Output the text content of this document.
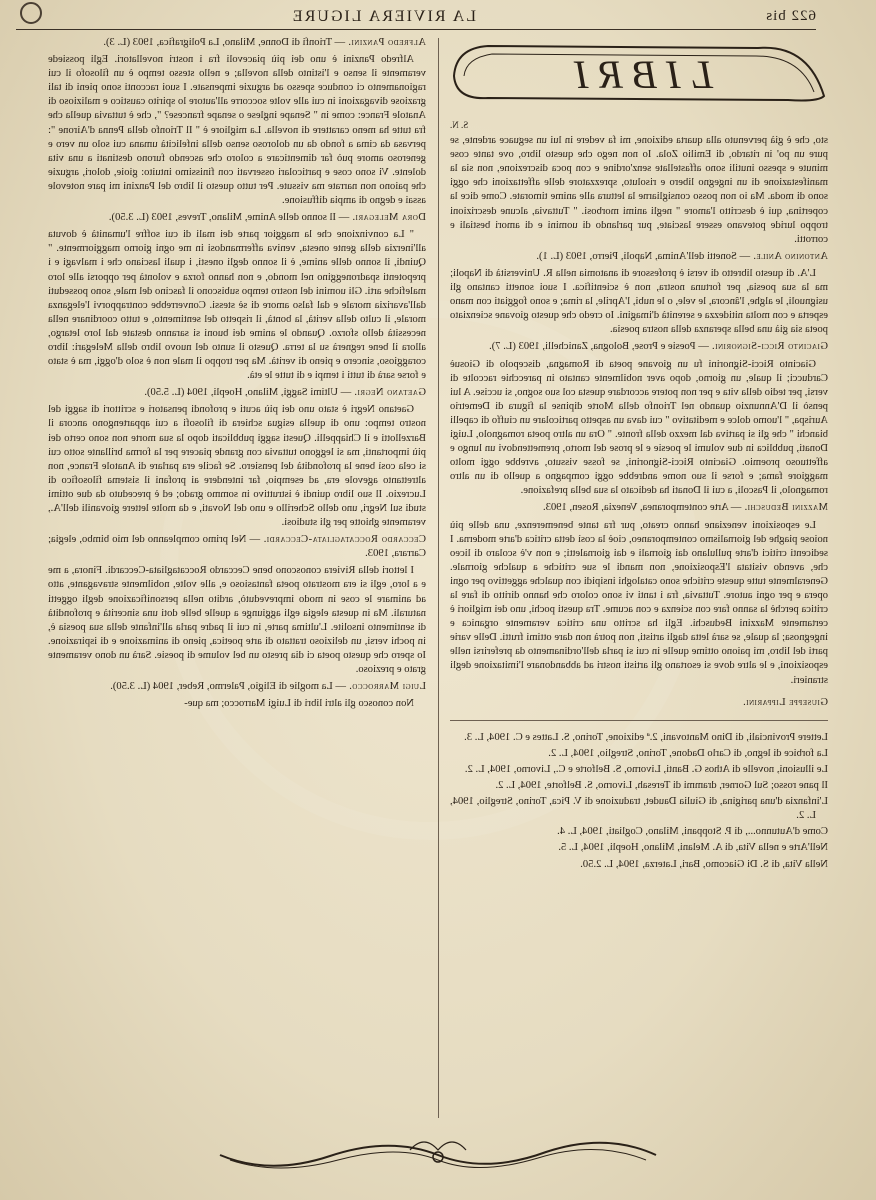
622 bis
LA RIVIERA LIGURE
LIBRI
S. N.

sto, che è già pervenuto alla quarta edizione, mi fa vedere in lui un seguace ardente, se pure un po' in ritardo, di Emilio Zola. Io non nego che questo libro, ove tante cose minute e spesso inutili sono affastellate senz'ordine e con poca discrezione, non sia la manifestazione di un ingegno libero e risoluto, sprezzatore delle affettazioni che oggi sono di moda. Ma io non posso consigliarne la lettura alle anime timorate. Come dice la copertina, qui è descritto l'amore " negli animi morbosi. " Tuttavia, alcune descrizioni troppo luride potevano essere lasciate, pur parlando di uomini e di amori bestiali e corrotti.

Antonino Anile. — Sonetti dell'Anima, Napoli, Pierro, 1903 (L. 1).

L'A. di questo libretto di versi è professore di anatomia nella R. Università di Napoli; ma la sua poesia, per fortuna nostra, non è scientifica. I suoi sonetti cantano gli usignuoli, le alghe, l'âncora, le vele, o le nubi, l'Aprile, la rima; e sono foggiati con mano esperta e con molta nitidezza e serenità d'imagini. Io credo che questo giovane scienziato poeta sia già una bella speranza della nostra poesia.

Giacinto Ricci-Signorini. — Poesie e Prose, Bologna, Zanichelli, 1903 (L. 7).

Giacinto Ricci-Signorini fu un giovane poeta di Romagna, discepolo di Giosuè Carducci; il quale, un giorno, dopo aver nobilmente cantato in parecchie raccolte di versi, per tedio della vita e per non potere accordare questa col suo sogno, si uccise. A lui pensò il D'Annunzio quando nel Trionfo della Morte dipinse la figura di Demetrio Aurispa, " l'uomo dolce e meditativo " cui dava un aspetto particolare un ciuffo di capelli bianchi " che gli si partiva dal mezzo della fronte. " Ora un altro poeta romagnolo, Luigi Donati, pubblica in due volumi le poesie e le prose del morto, premettendovi un lungo e affettuoso proemio. Giacinto Ricci-Signorini, se fosse vissuto, avrebbe oggi molto maggiore fama; e forse il suo nome andrebbe oggi compagno a quello di un altro romagnolo, il Pascoli, a cui il Donati ha dedicato la sua bella prefazione.

Mazzini Beduschi. — Arte contemporanea, Venezia, Rosen, 1903.

Le esposizioni veneziane hanno creato, pur fra tante benemerenze, una delle più noiose piaghe del giornalismo contemporaneo, cioè la così detta critica d'arte moderna. I sedicenti critici d'arte pullulano dai giornali e dai giornaletti; e non v'è scolaro di liceo che, avendo visitata l'Esposizione, non mandi le sue critiche a qualche giornale. Generalmente tutte queste critiche sono cataloghi insipidi con qualche aggettivo per ogni opera e per ogni autore. Tuttavia, fra i tanti vi sono coloro che hanno diritto di fare la critica perchè la sanno fare con scienza e con acume. Tra questi pochi, uno dei migliori è certamente Mazzini Beduschi. Egli ha scritto una critica veramente organica e ingegnosa; la quale, se sarà letta dagli artisti, non potrà non dare ottimi frutti. Delle varie parti del libro, mi paiono ottime quelle in cui si parla dell'ordinamento da preferirsi nelle esposizioni, e le altre dove si esortano gli artisti nostri ad abbandonare l'imitazione degli stranieri.

Giuseppe Lipparini.

Lettere Provinciali, di Dino Mantovani, 2.ª edizione, Torino, S. Lattes e C. 1904, L. 3.

La forbice di legno, di Carlo Dadone, Torino, Streglio, 1904, L. 2.

Le illusioni, novelle di Athos G. Banti, Livorno, S. Belforte e C., Livorno, 1904, L. 2.

Il pane rosso; Sul Gorner, drammi di Teresah, Livorno, S. Belforte, 1904, L. 2.

L'infanzia d'una parigina, di Giulia Daudet, traduzione di V. Pica, Torino, Streglio, 1904, L. 2.

Come d'Autunno..., di P. Stoppani, Milano, Cogliati, 1904, L. 4.

Nell'Arte e nella Vita, di A. Melani, Milano, Hoepli, 1904, L. 5.

Nella Vita, di S. Di Giacomo, Bari, Laterza, 1904, L. 2.50.

Alfredo Panzini. — Trionfi di Donne, Milano, La Poligrafica, 1903 (L. 3).

Alfredo Panzini è uno dei più piacevoli fra i nostri novellatori. Egli possiede veramente il senso e l'istinto della novella; e nello stesso tempo è un filosofo il cui ragionamento ci conduce spesso ad arguzie impensate. I suoi racconti sono pieni di tali graziose divagazioni in cui alle volte soccorre all'autore lo spirito caustico e malizioso di Anatole France: come in " Senape inglese o senape francese? ", che è tuttavia quella che fra tutte ha meno carattere di novella. La migliore è " Il Trionfo della Penna d'Airone ": pervasa da cima a fondo da un doloroso senso della infelicità umana cui solo un vero e generoso amore può far dimenticare a coloro che ascendo furono destinati a una vita dolente. Vi sono cose e particolari osservati con finissimo intuito: gioie, dolori, arguzie che paiono non narrate ma vissute. Per tutto questo il libro del Panzini mi pare notevole assai e degno di ampia diffusione.

Dora Melegari. — Il sonno delle Anime, Milano, Treves, 1903 (L. 3.50).

" La convinzione che la maggior parte dei mali di cui soffre l'umanità è dovuta all'inerzia della gente onesta, veniva affermandosi in me ogni giorno maggiormente. " Quindi, il sonno delle anime, è il sonno degli onesti, i quali lasciano che i malvagi e i prepotenti spadroneggino nel mondo, e non hanno forza e volontà per opporsi alle loro malefiche arti. Gli uomini del nostro tempo subiscono il fascino del male, sono posseduti dall'avarizia morale e dal falso amore di sè stessi. Converrebbe contrapporvi l'eleganza morale, il culto della verità, la bontà, il rispetto del sentimento, e tutto coordinare nella necessità dello sforzo. Quando le anime dei buoni si saranno destate dal loro letargo, allora il bene regnerà su la terra. Questo il sunto del nuovo libro della Melegari: libro coraggioso, sincero e pieno di verità. Ma per troppo il male non è solo d'oggi, ma è stato e forse sarà di tutti i tempi e di tutte le età.

Gaetano Negri. — Ultimi Saggi, Milano, Hoepli, 1904 (L. 5.50).

Gaetano Negri è stato uno dei più acuti e profondi pensatori e scrittori di saggi del nostro tempo: uno di quella esigua schiera di filosofi a cui appartengono ancora il Barzellotti e il Chiappelli. Questi saggi pubblicati dopo la sua morte non sono certo dei più importanti, ma si leggono tuttavia con grande piacere per la forma brillante sotto cui si cela così bene la profondità del pensiero. Se facile era parlare di Anatole France, non altrettanto agevole era, ad esempio, far intendere ai profani il sistema filosofico di Lucrezio. Il suo libro quindi è istruttivo in sommo grado; ed è preceduto da due ottimi studi sul Negri, uno dello Scherillo e uno del Novati, e da molte lettere giovanili dell'A., veramente ghiotte per gli studiosi.

Ceccardo Roccatagliata-Ceccardi. — Nel primo compleanno del mio bimbo, elegia; Carrara, 1903.

I lettori della Riviera conoscono bene Ceccardo Roccatagliata-Ceccardi. Finora, a me e a loro, egli si era mostrato poeta fantasioso e, alle volte, nobilmente stravagante, atto ad animare le cose in modo imprevedutò, ardito nella personificazione degli oggetti naturali. Ma in questa elegia egli aggiunge a quelle belle doti una sincerità e profondità di sentimento insolite. L'ultima parte, in cui il padre parla all'infante della sua poesia è, in pochi versi, un delizioso trattato di arte poetica, pieno di animazione e di ispirazione. Io spero che questo poeta ci dia presto un bel volume di poesie. Sarà un dono veramente grato e prezioso.

Luigi Marrocco. — La moglie di Eligio, Palermo, Reber, 1904 (L. 3.50).

Non conosco gli altri libri di Luigi Marrocco; ma que-
